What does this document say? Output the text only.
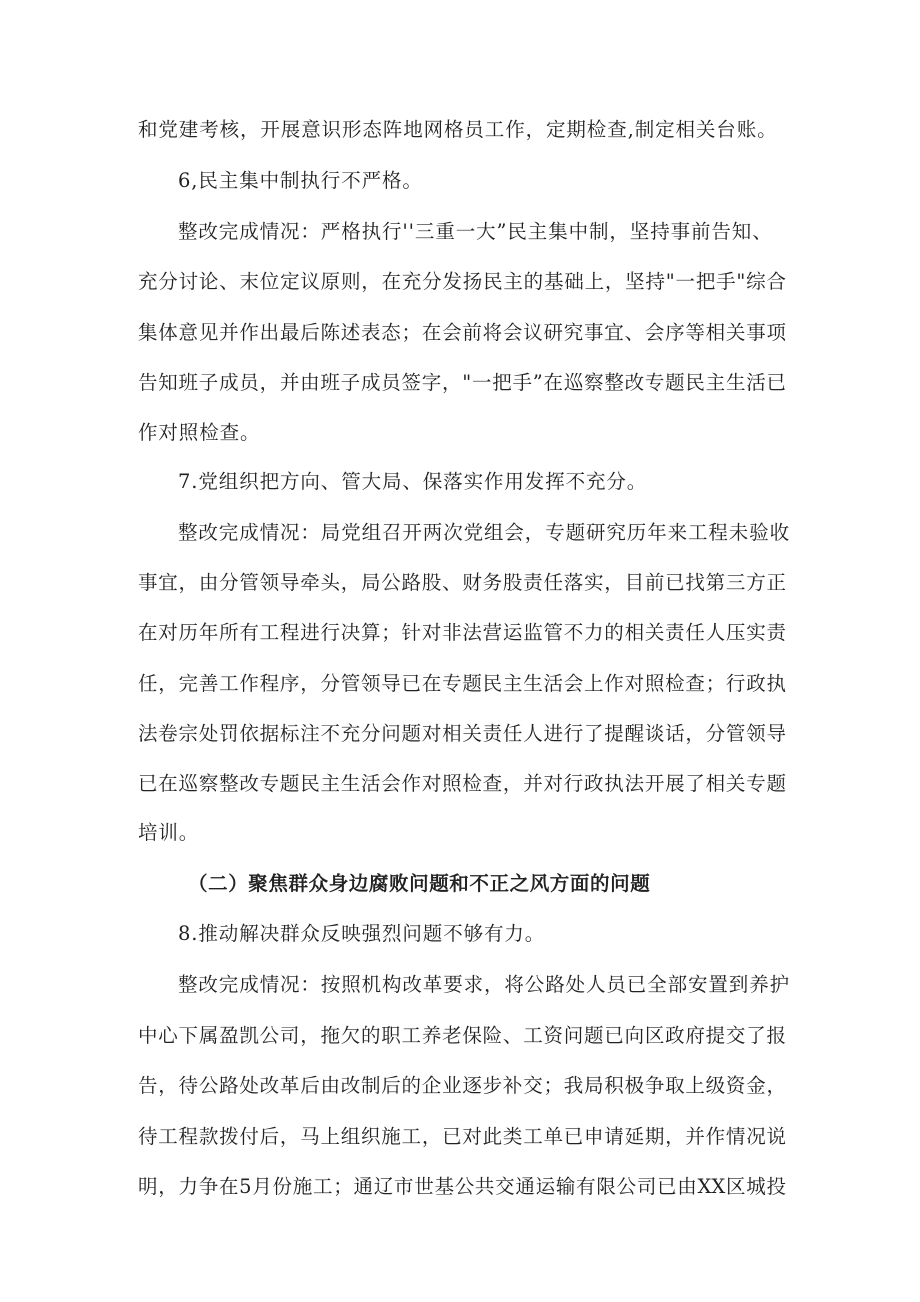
和党建考核，开展意识形态阵地网格员工作，定期检查,制定相关台账。
6,民主集中制执行不严格。
整改完成情况：严格执行''三重一大”民主集中制，坚持事前告知、
充分讨论、末位定议原则，在充分发扬民主的基础上，坚持"一把手"综合
集体意见并作出最后陈述表态；在会前将会议研究事宜、会序等相关事项
告知班子成员，并由班子成员签字，"一把手”在巡察整改专题民主生活已
作对照检查。
7.党组织把方向、管大局、保落实作用发挥不充分。
整改完成情况：局党组召开两次党组会，专题研究历年来工程未验收
事宜，由分管领导牵头，局公路股、财务股责任落实，目前已找第三方正
在对历年所有工程进行决算；针对非法营运监管不力的相关责任人压实责
任，完善工作程序，分管领导已在专题民主生活会上作对照检查；行政执
法卷宗处罚依据标注不充分问题对相关责任人进行了提醒谈话，分管领导
已在巡察整改专题民主生活会作对照检查，并对行政执法开展了相关专题
培训。
（二）聚焦群众身边腐败问题和不正之风方面的问题
8.推动解决群众反映强烈问题不够有力。
整改完成情况：按照机构改革要求，将公路处人员已全部安置到养护
中心下属盈凯公司，拖欠的职工养老保险、工资问题已向区政府提交了报
告，待公路处改革后由改制后的企业逐步补交；我局积极争取上级资金，
待工程款拨付后，马上组织施工，已对此类工单已申请延期，并作情况说
明，力争在5月份施工；通辽市世基公共交通运输有限公司已由XX区城投
